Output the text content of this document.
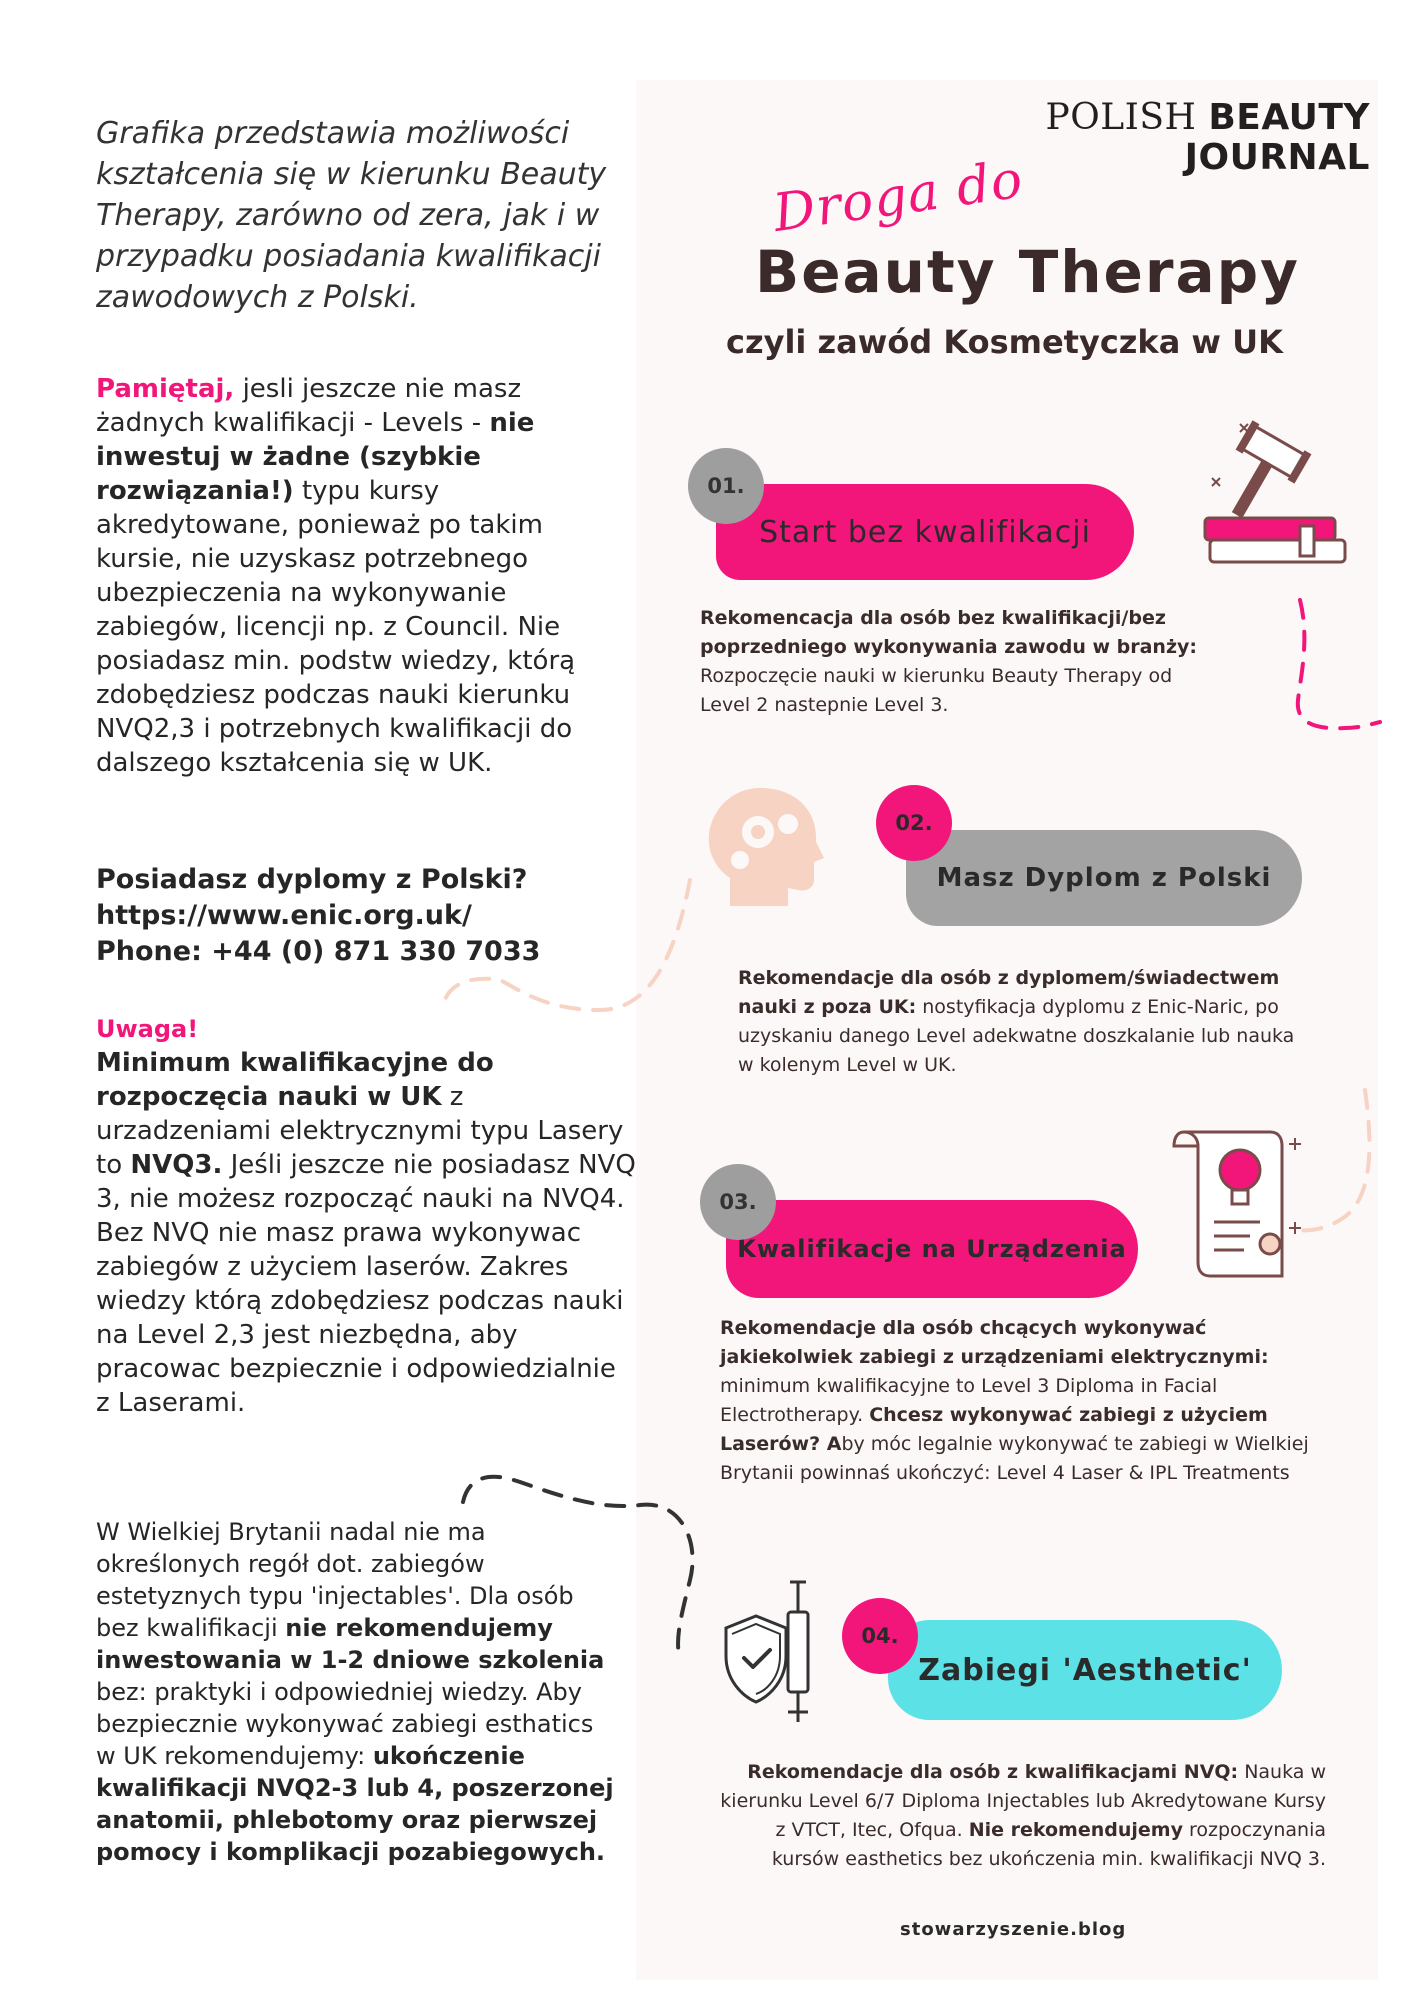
Grafika przedstawia możliwości kształcenia się w kierunku Beauty Therapy, zarówno od zera, jak i w przypadku posiadania kwalifikacji zawodowych z Polski.

Pamiętaj, jesli jeszcze nie masz żadnych kwalifikacji - Levels - nie inwestuj w żadne (szybkie rozwiązania!) typu kursy akredytowane, ponieważ po takim kursie, nie uzyskasz potrzebnego ubezpieczenia na wykonywanie zabiegów, licencji np. z Council. Nie posiadasz min. podstw wiedzy, którą zdobędziesz podczas nauki kierunku NVQ2,3 i potrzebnych kwalifikacji do dalszego kształcenia się w UK.

Posiadasz dyplomy z Polski?
https://www.enic.org.uk/
Phone: +44 (0) 871 330 7033
Uwaga!

Minimum kwalifikacyjne do rozpoczęcia nauki w UK z urzadzeniami elektrycznymi typu Lasery to NVQ3. Jeśli jeszcze nie posiadasz NVQ 3, nie możesz rozpocząć nauki na NVQ4. Bez NVQ nie masz prawa wykonywac zabiegów z użyciem laserów. Zakres wiedzy którą zdobędziesz podczas nauki na Level 2,3 jest niezbędna, aby pracowac bezpiecznie i odpowiedzialnie z Laserami.

W Wielkiej Brytanii nadal nie ma określonych regół dot. zabiegów estetyznych typu 'injectables'. Dla osób bez kwalifikacji nie rekomendujemy inwestowania w 1-2 dniowe szkolenia bez: praktyki i odpowiedniej wiedzy. Aby bezpiecznie wykonywać zabiegi esthatics w UK rekomendujemy: ukończenie kwalifikacji NVQ2-3 lub 4, poszerzonej anatomii, phlebotomy oraz pierwszej pomocy i komplikacji pozabiegowych.

POLISH BEAUTY
JOURNAL
Droga do
Beauty Therapy
czyli zawód Kosmetyczka w UK
Start bez kwalifikacji
01.
Rekomencacja dla osób bez kwalifikacji/bez poprzedniego wykonywania zawodu w branży:
Rozpoczęcie nauki w kierunku Beauty Therapy od Level 2 nastepnie Level 3.
Masz Dyplom z Polski
02.
Rekomendacje dla osób z dyplomem/świadectwem nauki z poza UK: nostyfikacja dyplomu z Enic-Naric, po uzyskaniu danego Level adekwatne doszkalanie lub nauka w kolenym Level w UK.
Kwalifikacje na Urządzenia
03.
Rekomendacje dla osób chcących wykonywać jakiekolwiek zabiegi z urządzeniami elektrycznymi: minimum kwalifikacyjne to Level 3 Diploma in Facial Electrotherapy. Chcesz wykonywać zabiegi z użyciem Laserów? Aby móc legalnie wykonywać te zabiegi w Wielkiej Brytanii powinnaś ukończyć: Level 4 Laser & IPL Treatments
Zabiegi 'Aesthetic'
04.
Rekomendacje dla osób z kwalifikacjami NVQ: Nauka w kierunku Level 6/7 Diploma Injectables lub Akredytowane Kursy z VTCT, Itec, Ofqua. Nie rekomendujemy rozpoczynania kursów easthetics bez ukończenia min. kwalifikacji NVQ 3.
stowarzyszenie.blog
